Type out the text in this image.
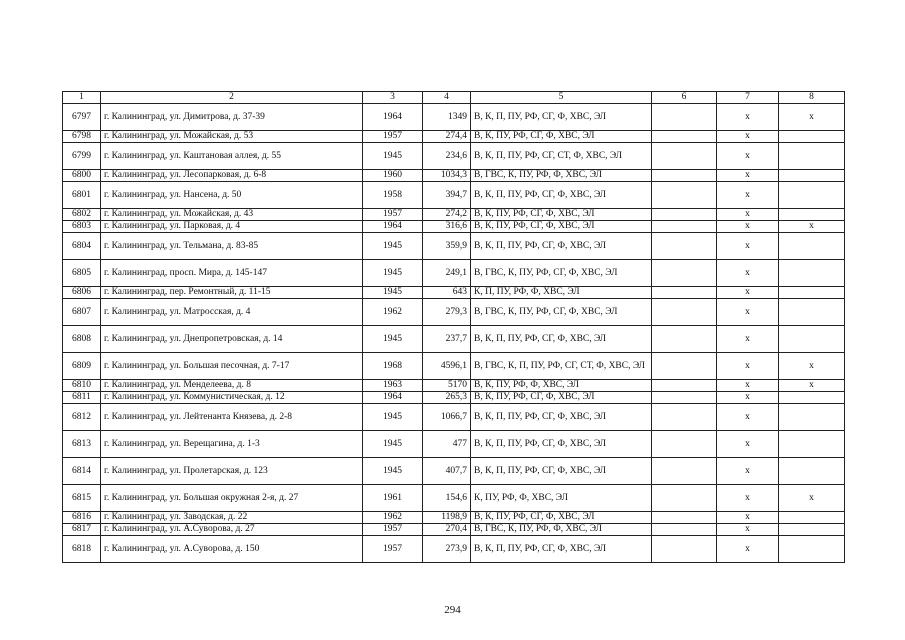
1	2	3	4	5	6	7	8
6797	г. Калининград, ул. Димитрова, д. 37-39	1964	1349	В, К, П, ПУ, РФ, СГ, Ф, ХВС, ЭЛ		х	х
6798	г. Калининград, ул. Можайская, д. 53	1957	274,4	В, К, ПУ, РФ, СГ, Ф, ХВС, ЭЛ		х	
6799	г. Калининград, ул. Каштановая аллея, д. 55	1945	234,6	В, К, П, ПУ, РФ, СГ, СТ, Ф, ХВС, ЭЛ		х	
6800	г. Калининград, ул. Лесопарковая, д. 6-8	1960	1034,3	В, ГВС, К, ПУ, РФ, Ф, ХВС, ЭЛ		х	
6801	г. Калининград, ул. Нансена, д. 50	1958	394,7	В, К, П, ПУ, РФ, СГ, Ф, ХВС, ЭЛ		х	
6802	г. Калининград, ул. Можайская, д. 43	1957	274,2	В, К, ПУ, РФ, СГ, Ф, ХВС, ЭЛ		х	
6803	г. Калининград, ул. Парковая, д. 4	1964	316,6	В, К, ПУ, РФ, СГ, Ф, ХВС, ЭЛ		х	х
6804	г. Калининград, ул. Тельмана, д. 83-85	1945	359,9	В, К, П, ПУ, РФ, СГ, Ф, ХВС, ЭЛ		х	
6805	г. Калининград, просп. Мира, д. 145-147	1945	249,1	В, ГВС, К, ПУ, РФ, СГ, Ф, ХВС, ЭЛ		х	
6806	г. Калининград, пер. Ремонтный, д. 11-15	1945	643	К, П, ПУ, РФ, Ф, ХВС, ЭЛ		х	
6807	г. Калининград, ул. Матросская, д. 4	1962	279,3	В, ГВС, К, ПУ, РФ, СГ, Ф, ХВС, ЭЛ		х	
6808	г. Калининград, ул. Днепропетровская, д. 14	1945	237,7	В, К, П, ПУ, РФ, СГ, Ф, ХВС, ЭЛ		х	
6809	г. Калининград, ул. Большая песочная, д. 7-17	1968	4596,1	В, ГВС, К, П, ПУ, РФ, СГ, СТ, Ф, ХВС, ЭЛ		х	х
6810	г. Калининград, ул. Менделеева, д. 8	1963	5170	В, К, ПУ, РФ, Ф, ХВС, ЭЛ		х	х
6811	г. Калининград, ул. Коммунистическая, д. 12	1964	265,3	В, К, ПУ, РФ, СГ, Ф, ХВС, ЭЛ		х	
6812	г. Калининград, ул. Лейтенанта Князева, д. 2-8	1945	1066,7	В, К, П, ПУ, РФ, СГ, Ф, ХВС, ЭЛ		х	
6813	г. Калининград, ул. Верещагина, д. 1-3	1945	477	В, К, П, ПУ, РФ, СГ, Ф, ХВС, ЭЛ		х	
6814	г. Калининград, ул. Пролетарская, д. 123	1945	407,7	В, К, П, ПУ, РФ, СГ, Ф, ХВС, ЭЛ		х	
6815	г. Калининград, ул. Большая окружная 2-я, д. 27	1961	154,6	К, ПУ, РФ, Ф, ХВС, ЭЛ		х	х
6816	г. Калининград, ул. Заводская, д. 22	1962	1198,9	В, К, ПУ, РФ, СГ, Ф, ХВС, ЭЛ		х	
6817	г. Калининград, ул. А.Суворова, д. 27	1957	270,4	В, ГВС, К, ПУ, РФ, Ф, ХВС, ЭЛ		х	
6818	г. Калининград, ул. А.Суворова, д. 150	1957	273,9	В, К, П, ПУ, РФ, СГ, Ф, ХВС, ЭЛ		х	
294
